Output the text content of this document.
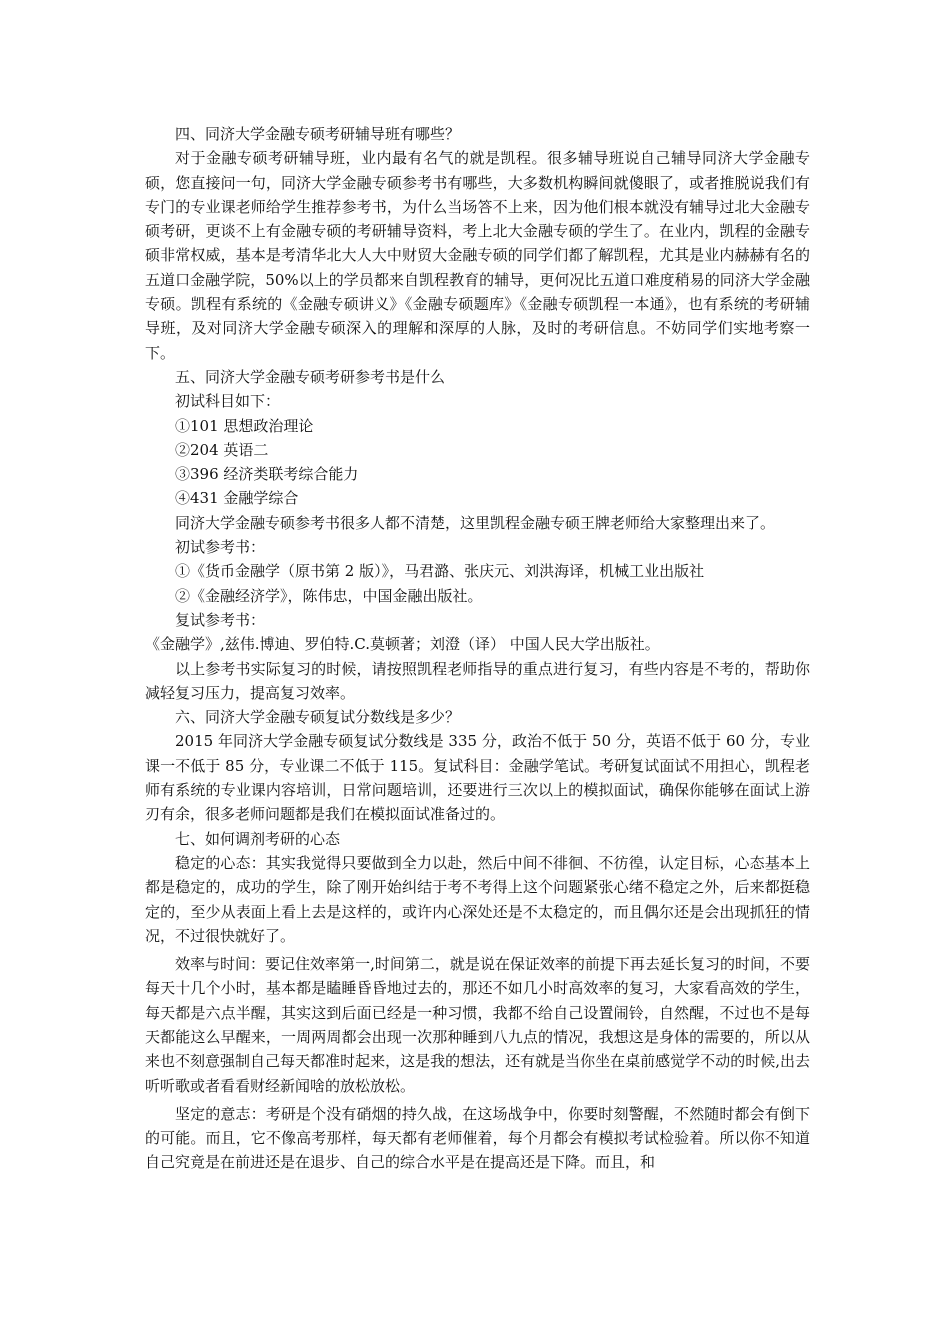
四、同济大学金融专硕考研辅导班有哪些？

对于金融专硕考研辅导班，业内最有名气的就是凯程。很多辅导班说自己辅导同济大学金融专硕，您直接问一句，同济大学金融专硕参考书有哪些，大多数机构瞬间就傻眼了，或者推脱说我们有专门的专业课老师给学生推荐参考书，为什么当场答不上来，因为他们根本就没有辅导过北大金融专硕考研，更谈不上有金融专硕的考研辅导资料，考上北大金融专硕的学生了。在业内，凯程的金融专硕非常权威，基本是考清华北大人大中财贸大金融专硕的同学们都了解凯程，尤其是业内赫赫有名的五道口金融学院，50%以上的学员都来自凯程教育的辅导，更何况比五道口难度稍易的同济大学金融专硕。凯程有系统的《金融专硕讲义》《金融专硕题库》《金融专硕凯程一本通》，也有系统的考研辅导班，及对同济大学金融专硕深入的理解和深厚的人脉，及时的考研信息。不妨同学们实地考察一下。

五、同济大学金融专硕考研参考书是什么

初试科目如下：

①101 思想政治理论

②204 英语二

③396 经济类联考综合能力

④431 金融学综合

同济大学金融专硕参考书很多人都不清楚，这里凯程金融专硕王牌老师给大家整理出来了。

初试参考书：

①《货币金融学（原书第 2 版）》，马君潞、张庆元、刘洪海译，机械工业出版社

②《金融经济学》，陈伟忠，中国金融出版社。

复试参考书：

《金融学》,兹伟.博迪、罗伯特.C.莫顿著；刘澄（译） 中国人民大学出版社。

以上参考书实际复习的时候，请按照凯程老师指导的重点进行复习，有些内容是不考的，帮助你减轻复习压力，提高复习效率。

六、同济大学金融专硕复试分数线是多少？

2015 年同济大学金融专硕复试分数线是 335 分，政治不低于 50 分，英语不低于 60 分，专业课一不低于 85 分，专业课二不低于 115。复试科目：金融学笔试。考研复试面试不用担心，凯程老师有系统的专业课内容培训，日常问题培训，还要进行三次以上的模拟面试，确保你能够在面试上游刃有余，很多老师问题都是我们在模拟面试准备过的。

七、如何调剂考研的心态

稳定的心态：其实我觉得只要做到全力以赴，然后中间不徘徊、不彷徨，认定目标，心态基本上都是稳定的，成功的学生，除了刚开始纠结于考不考得上这个问题紧张心绪不稳定之外，后来都挺稳定的，至少从表面上看上去是这样的，或许内心深处还是不太稳定的，而且偶尔还是会出现抓狂的情况，不过很快就好了。

效率与时间：要记住效率第一,时间第二，就是说在保证效率的前提下再去延长复习的时间，不要每天十几个小时，基本都是瞌睡昏昏地过去的，那还不如几小时高效率的复习，大家看高效的学生，每天都是六点半醒，其实这到后面已经是一种习惯，我都不给自己设置闹铃，自然醒，不过也不是每天都能这么早醒来，一周两周都会出现一次那种睡到八九点的情况，我想这是身体的需要的，所以从来也不刻意强制自己每天都准时起来，这是我的想法，还有就是当你坐在桌前感觉学不动的时候,出去听听歌或者看看财经新闻啥的放松放松。

坚定的意志：考研是个没有硝烟的持久战，在这场战争中，你要时刻警醒，不然随时都会有倒下的可能。而且，它不像高考那样，每天都有老师催着，每个月都会有模拟考试检验着。所以你不知道自己究竟是在前进还是在退步、自己的综合水平是在提高还是下降。而且，和
